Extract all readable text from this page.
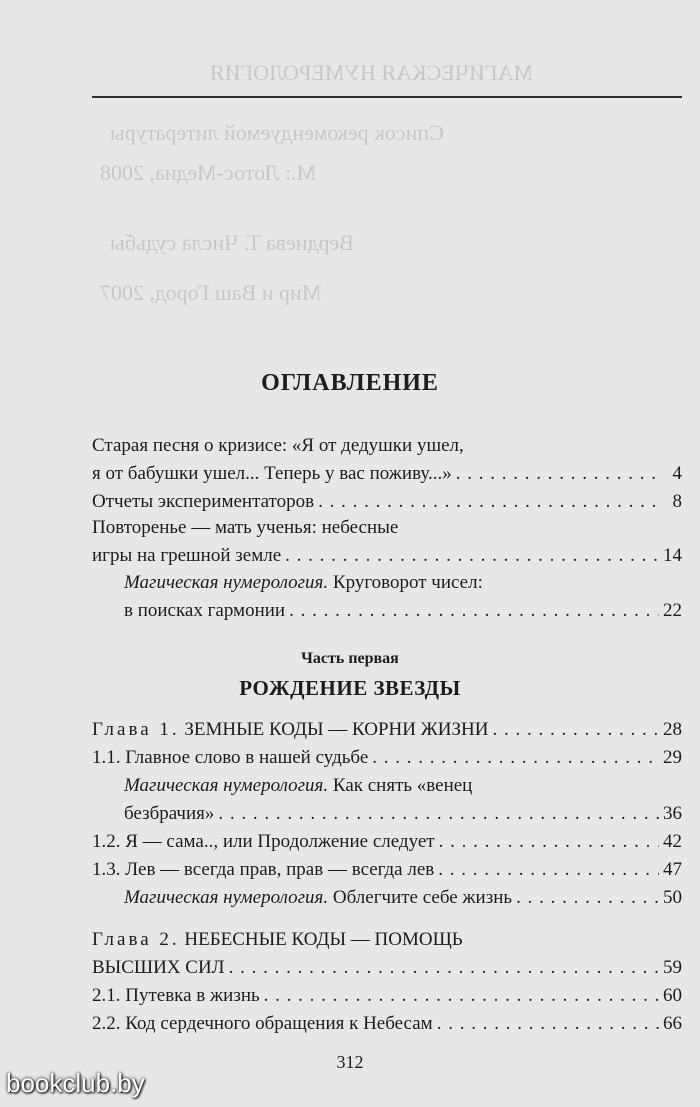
МАГИЧЕСКАЯ НУМЕРОЛОГИЯ
Список рекомендуемой литературы
М.: Лотос-Медиа, 2008
Вердиева Т. Числа судьбы
Мир и Ваш Город, 2007
ОГЛАВЛЕНИЕ
Старая песня о кризисе: «Я от дедушки ушел,
я от бабушки ушел... Теперь у вас поживу...» . . .	4
Отчеты экспериментаторов . . .	8
Повторенье — мать ученья: небесные
игры на грешной земле . . .	14
Магическая нумерология. Круговорот чисел:
в поисках гармонии . . .	22
Часть первая
РОЖДЕНИЕ ЗВЕЗДЫ
Глава 1. ЗЕМНЫЕ КОДЫ — КОРНИ ЖИЗНИ . . .	28
1.1. Главное слово в нашей судьбе . . .	29
Магическая нумерология. Как снять «венец
безбрачия» . . .	36
1.2. Я — сама.., или Продолжение следует . . .	42
1.3. Лев — всегда прав, прав — всегда лев . . .	47
Магическая нумерология. Облегчите себе жизнь . . .	50
Глава 2. НЕБЕСНЫЕ КОДЫ — ПОМОЩЬ
ВЫСШИХ СИЛ . . .	59
2.1. Путевка в жизнь . . .	60
2.2. Код сердечного обращения к Небесам . . .	66
312
bookclub.by
